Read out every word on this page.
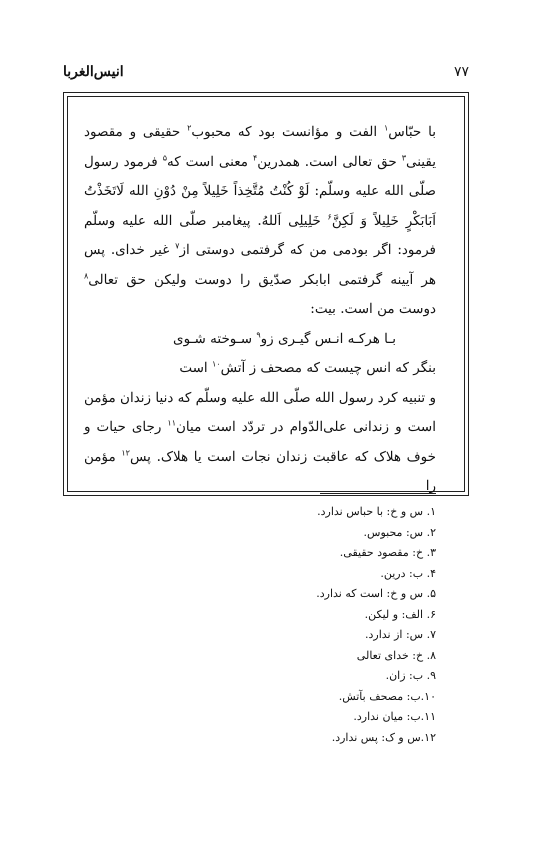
۷۷
انیس‌الغربا

با حبّاس$^۱$ الفت و مؤانست بود که محبوب$^۲$ حقیقی و مقصود یقینی$^۳$ حق تعالی است. همدرین$^۴$ معنی است که$^۵$ فرمود رسول صلّی الله علیه وسلّم: لَوْ کُنْتُ مُتَّخِذاً خَلِیلاً مِنْ دُوْنِ الله لَاتَخَذْتُ اَبَابَکْرٍ خَلِیلاً وَ لَکِنَّ$^۶$ خَلِیلِی اَللهُ. پیغامبر صلّی الله علیه وسلّم فرمود: اگر بودمی من که گرفتمی دوستی از$^۷$ غیر خدای. پس هر آیینه گرفتمی ابابکر صدّیق را دوست ولیکن حق تعالی$^۸$ دوست من است. بیت:

بـا هرکـه انـس گیـری زو$^۹$ سـوخته شـوی
بنگر که انس چیست که مصحف ز آتش$^{۱۰}$ است

و تنبیه کرد رسول الله صلّی الله علیه وسلّم که دنیا زندان مؤمن است و زندانی علی‌الدّوام در تردّد است میان$^{۱۱}$ رجای حیات و خوف هلاک که عاقبت زندان نجات است یا هلاک. پس$^{۱۲}$ مؤمن را

۱. س و خ: با حباس ندارد.
۲. س: محبوس.
۳. خ: مقصود حقیقی.
۴. ب: درین.
۵. س و خ: است که ندارد.
۶. الف: و لیکن.
۷. س: از ندارد.
۸. خ: خدای تعالی
۹. ب: زان.
۱۰.ب: مصحف بآتش.
۱۱.ب: میان ندارد.
۱۲.س و ک: پس ندارد.
